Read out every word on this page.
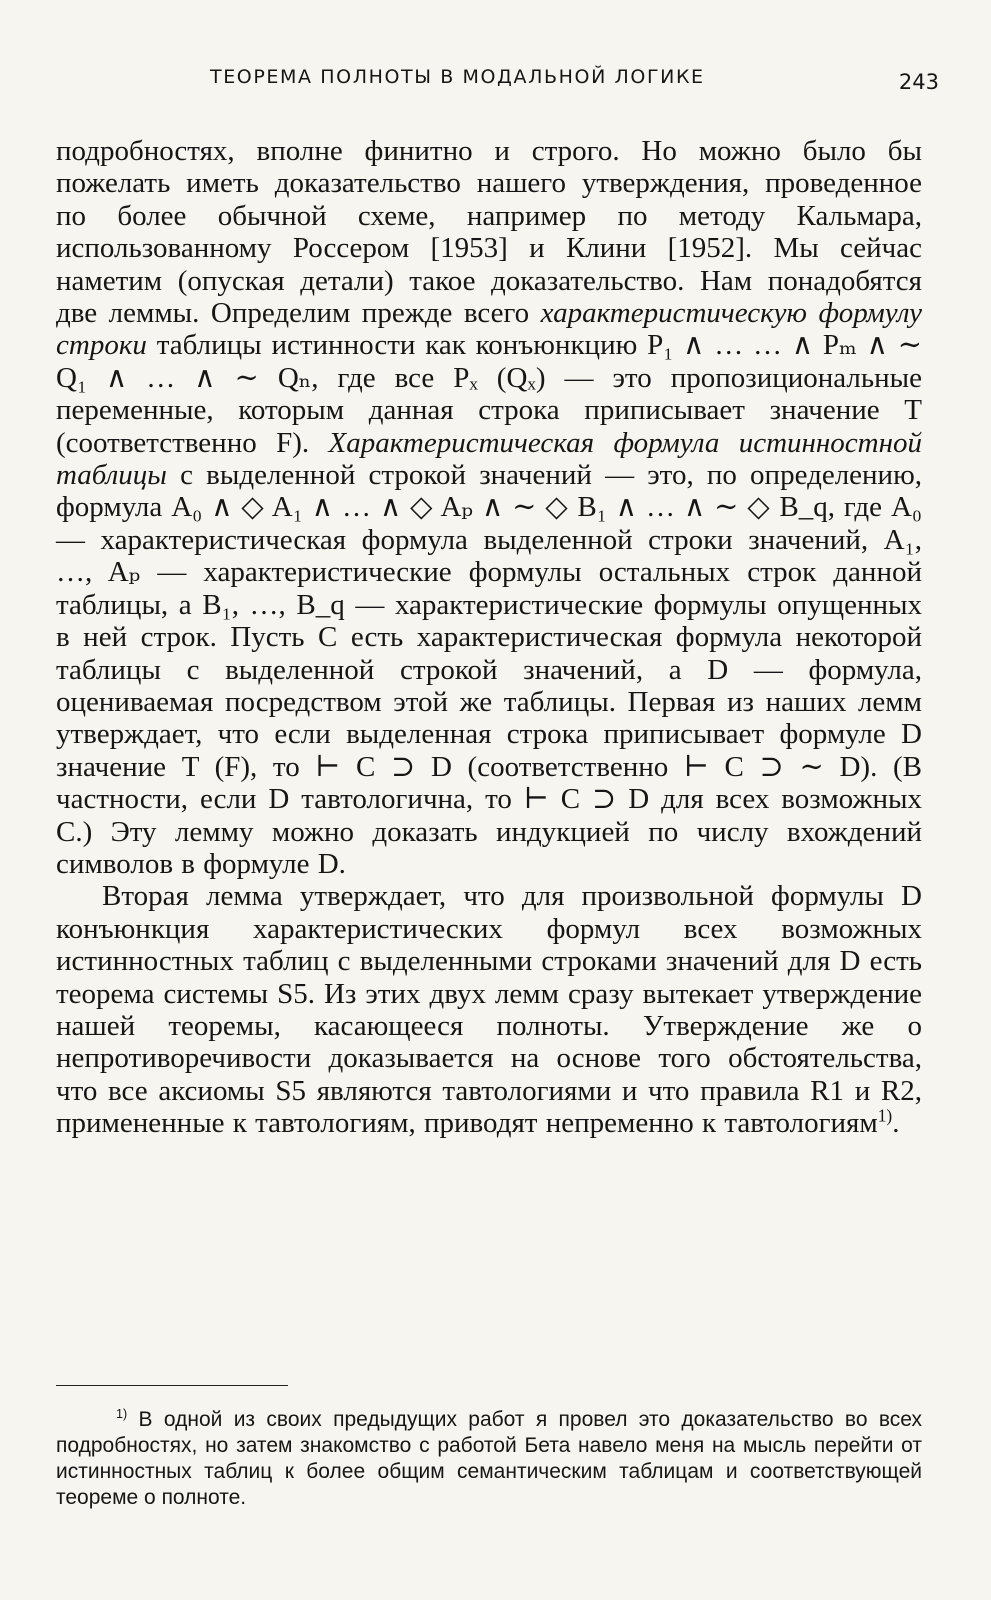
ТЕОРЕМА ПОЛНОТЫ В МОДАЛЬНОЙ ЛОГИКЕ	243

подробностях, вполне финитно и строго. Но можно было бы пожелать иметь доказательство нашего утверждения, проведенное по более обычной схеме, например по методу Кальмара, использованному Россером [1953] и Клини [1952]. Мы сейчас наметим (опуская детали) такое доказательство. Нам понадобятся две леммы. Определим прежде всего характеристическую формулу строки таблицы истинности как конъюнкцию P₁ ∧ … … ∧ Pₘ ∧ ∼ Q₁ ∧ … ∧ ∼ Qₙ, где все Pₓ (Qₓ) — это пропозициональные переменные, которым данная строка приписывает значение T (соответственно F). Характеристическая формула истинностной таблицы с выделенной строкой значений — это, по определению, формула A₀ ∧ ◇ A₁ ∧ … ∧ ◇ Aₚ ∧ ∼ ◇ B₁ ∧ … ∧ ∼ ◇ B_q, где A₀ — характеристическая формула выделенной строки значений, A₁, …, Aₚ — характеристические формулы остальных строк данной таблицы, а B₁, …, B_q — характеристические формулы опущенных в ней строк. Пусть C есть характеристическая формула некоторой таблицы с выделенной строкой значений, а D — формула, оцениваемая посредством этой же таблицы. Первая из наших лемм утверждает, что если выделенная строка приписывает формуле D значение T (F), то ⊢ C ⊃ D (соответственно ⊢ C ⊃ ∼ D). (В частности, если D тавтологична, то ⊢ C ⊃ D для всех возможных C.) Эту лемму можно доказать индукцией по числу вхождений символов в формуле D.

Вторая лемма утверждает, что для произвольной формулы D конъюнкция характеристических формул всех возможных истинностных таблиц с выделенными строками значений для D есть теорема системы S5. Из этих двух лемм сразу вытекает утверждение нашей теоремы, касающееся полноты. Утверждение же о непротиворечивости доказывается на основе того обстоятельства, что все аксиомы S5 являются тавтологиями и что правила R1 и R2, примененные к тавтологиям, приводят непременно к тавтологиям$^{1)}$.

$^{1)}$ В одной из своих предыдущих работ я провел это доказательство во всех подробностях, но затем знакомство с работой Бета навело меня на мысль перейти от истинностных таблиц к более общим семантическим таблицам и соответствующей теореме о полноте.
